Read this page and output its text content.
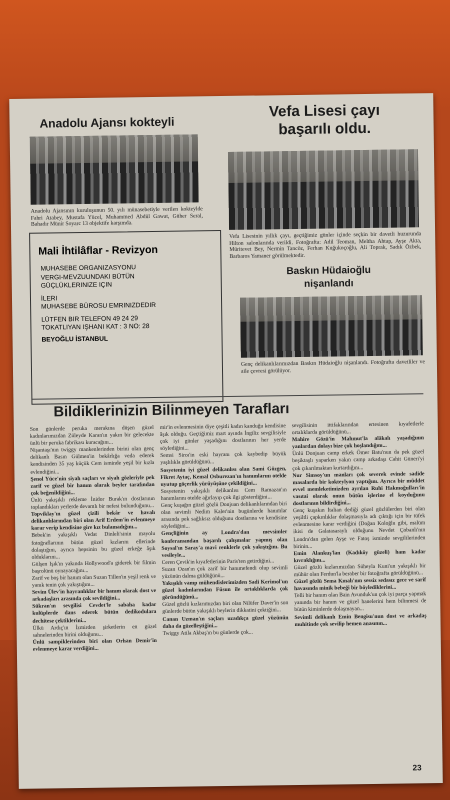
Anadolu Ajansı kokteyli
Anadolu Ajansının kuruluşunun 50. yılı münasebetiyle verilen kokteylde Fahri Atabey, Mustafa Yücel, Muhammed Abdül Gawat, Güher Seral, Bahadır Münir Soyarc 13 objektife karşımda.
Vefa Lisesi çayı
başarılı oldu.
Vefa Lisesinin yıllık çayı, geçtiğimiz günler içinde seçkin bir davetli huzurunda Hilton salonlarında verildi. Fotoğrafta: Adil Teoman, Meltha Ahtap, Ayşe Akta, Müritevet Bey, Nermin Tancöz, Ferhan Kuğukoçoğlu, Ali Toprak, Sadık Özbek, Barbaros Yamaner görülmektedir.
Mali İhtilâflar - Revizyon
MUHASEBE ORGANIZASYONU
VERGI-MEVZUUNDAKI BÜTÜN
GÜÇLÜKLERINIZE IÇIN
İLERI
MUHASEBE BÜROSU EMRINIZDEDIR
LÜTFEN BIR TELEFON 49 24 29
TOKATLIYAN IŞHANI KAT : 3 NO: 28
BEYOĞLU İSTANBUL
Baskın Hüdaioğlu
nişanlandı
Genç delikanlılarımızdan Baskın Hüdaioğlu nişanlandı. Fotoğrafta davetliler ve aile çevresi görülüyor.
Bildiklerinizin Bilinmeyen Tarafları

Son günlerde peruka merakına düşen güzel kadınlarımızdan Züleyde Karan'ın yakın bir gelecekte ünlü bir peruka fabrikası kuracağını...

Nişantaşı'nın twiggy mankenlerinden birini olan genç delikanlı Basın Gülmen'in bekârlığa veda ederek kendisinden 35 yaş küçük Cem isminde yeşil bir kızla evlendiğini...

Şenol Yüce'nin siyah saçları ve siyah gözleriyle pek zarif ve güzel bir hanım olarak beyler tarafından çok beğenildiğini...

Ünlü yakışıklı rekleme İnidor Burak'ın dostlarının toplandıkları yerlerde devamlı bir nefesi bulunduğunu...

Topviklay'ın güzel çizili bekâr ve havalı delikanlılarından biri olan Arif Erdem'in evlenmeye karar verip kendisine gire kız bulamadığını...

Bebek'in yakışıklı Vedat Dinleli'sinin mayolu fotoğraflarının bütün güzel kızlarını ellerinde dolaştığını, ayrıca hepsinin bu güzel erkeğe âşık olduklarını...

Gülşen Işık'ın yakında Hollywood'a giderek bir filmin başrolünü oynayacağını...

Zarif ve boş bir hanım olan Suzan Tillen'in yeşil renk ve yanık tenin çok yakıştığını...

Sevim Ülev'in hayranlıklar bir hanım olarak dost ve arkadaşları arasında çok sevildiğini...

Sükran'ın sevgilisi Cevdet'le sabaha kadar kulüplerde dans ederek bütün dedikodulara dechitese çektiklerini...

Ülkü Ardıç'ın İzmirden şirketlerin en güzel sahnelerinden birini olduğunu...

Ünlü sampiklerinden biri olan Orhan Demir'in evlenmeye karar verdiğini...

mir'in evlenmesinin diye çeşitli kadın kanduğu kendisine âşık olduğu. Geçtiğimiz mart ayında İngiliz sevgilisiyle çok iyi günler yaşadığını dostlarının her yerde söylediğini...

Semsi Siroı'in eski hayranı çok kaybedip büyük yaşlılıkla görüldüğünü...

Sosyetenin iyi güzel delikanlısı olan Sami Gözgen, Fikret Aytaç, Kemal Osburezan'ın hanımlarını otelde uyutup göçerlik yürüyüşüne çekildiğini...

Sosyetenin yakışıklı delikanlısı Cem Ramazan'ın hanımlarını otelde ağırlayıp çok ilgi gösterdiğini...

Genç kuşağın güzel gözlü Donjuan delikanlılarından biri olan sevimli Nedim Kaler'nin bugünlerde hanımlar arasında pek sağlıksız olduğunu dostlarına ve kendisine söylediğini...

Gençliğinin ay Londra'dan mevsimler konferansından başarılı çalışmalar yapmış olan Soysal'ın Saray'a mavi renklerle çok yakıştığını. Bu vesileyle...

Ceren Çevik'in kıyafetlerinin Paris'ten getirdiğini...

Suzan Ozan'ın çok zarif bir hanımefendi olup sevimli yüzünün dalma güldüğünü...

Yakışıklı vamp mühendislerimizden Sadi Kerimol'un güzel kadınlarından Füsun ile ortaklıklarda çok göründüğünü...

Güzel gözlü kızlarımızdan biri olan Nilüfer Daver'in son günlerde bütün yakışıklı beylerin dikkatini çektiğini...

Canan Uzman'ın saçları uzadıkça güzel yüzünün daha da güzelleştiğini...

Twiggy Atila Akbaş'ın bu günlerde çok...

sevgilisinin ittifaklarından ertesinen kıyafetlerle ortalıklarda görüldüğünü...

Mahire Gözü'in Mahmut'la alâkalı yaşadığının yanlardan dolayı bize çok hoşlandığını...

Ünlü Donjuan camp erkek Ömer Batu'nun da pek güzel beşiktaşlı yaparken yakın camp arkadaşı Cahit Güneri'yi çok çıkarılmaktan kurtardığını...

Nur Simsoy'un manları çok severek evinde sadide masalarda bir kokteylyon yaptığını. Ayrıca bir müddet evvel memleketimizden ayrılan Ruhi Hakmoğulları'in vasıtai olarak onun bütün işlerine el koyduğunu dostlarının bildirdiğini...

Genç kuşakın İtalian dediği güzel gözlülerden biri olan yeşiltli çapkınlıklar dolaşmasıyla adı çıktığı için bir tüfek evlenmesine karar verdiğini (Doğan Koloğlu gibi, malüm ikisi de Galatasaraylı olduğunu Nevdet Çobanlı'nın Londra'dan gelen Ayşe ve Fatoş isminde sevgililerinden birinin...

Emin Alankuş'lan (Kadıköy güzeli) ham kadar kıvraklığını...

Güzel gözlü kızlarımızdan Süheyla Kuni'un yakışıklı bir mühür olan Ferdun'la beraber bir fotoğrafta görüldüğünü...

Güzel gözlü Sema Kınalı'nın sessiz sedasız gece ve sarif havasında minik bebeği bir böylediklerini...

Telli bir hanım olan Bain Avunduk'un çok iyi parça yapmak yanında bir hanım ve güzel hanelerini hem bilinmesi de bütün kiminlerde dolaşmayan...

Sevimli delikanlı Emin Bengisu'nun dost ve arkadaş muhitinde çok sevilip hemen anasının...

23
